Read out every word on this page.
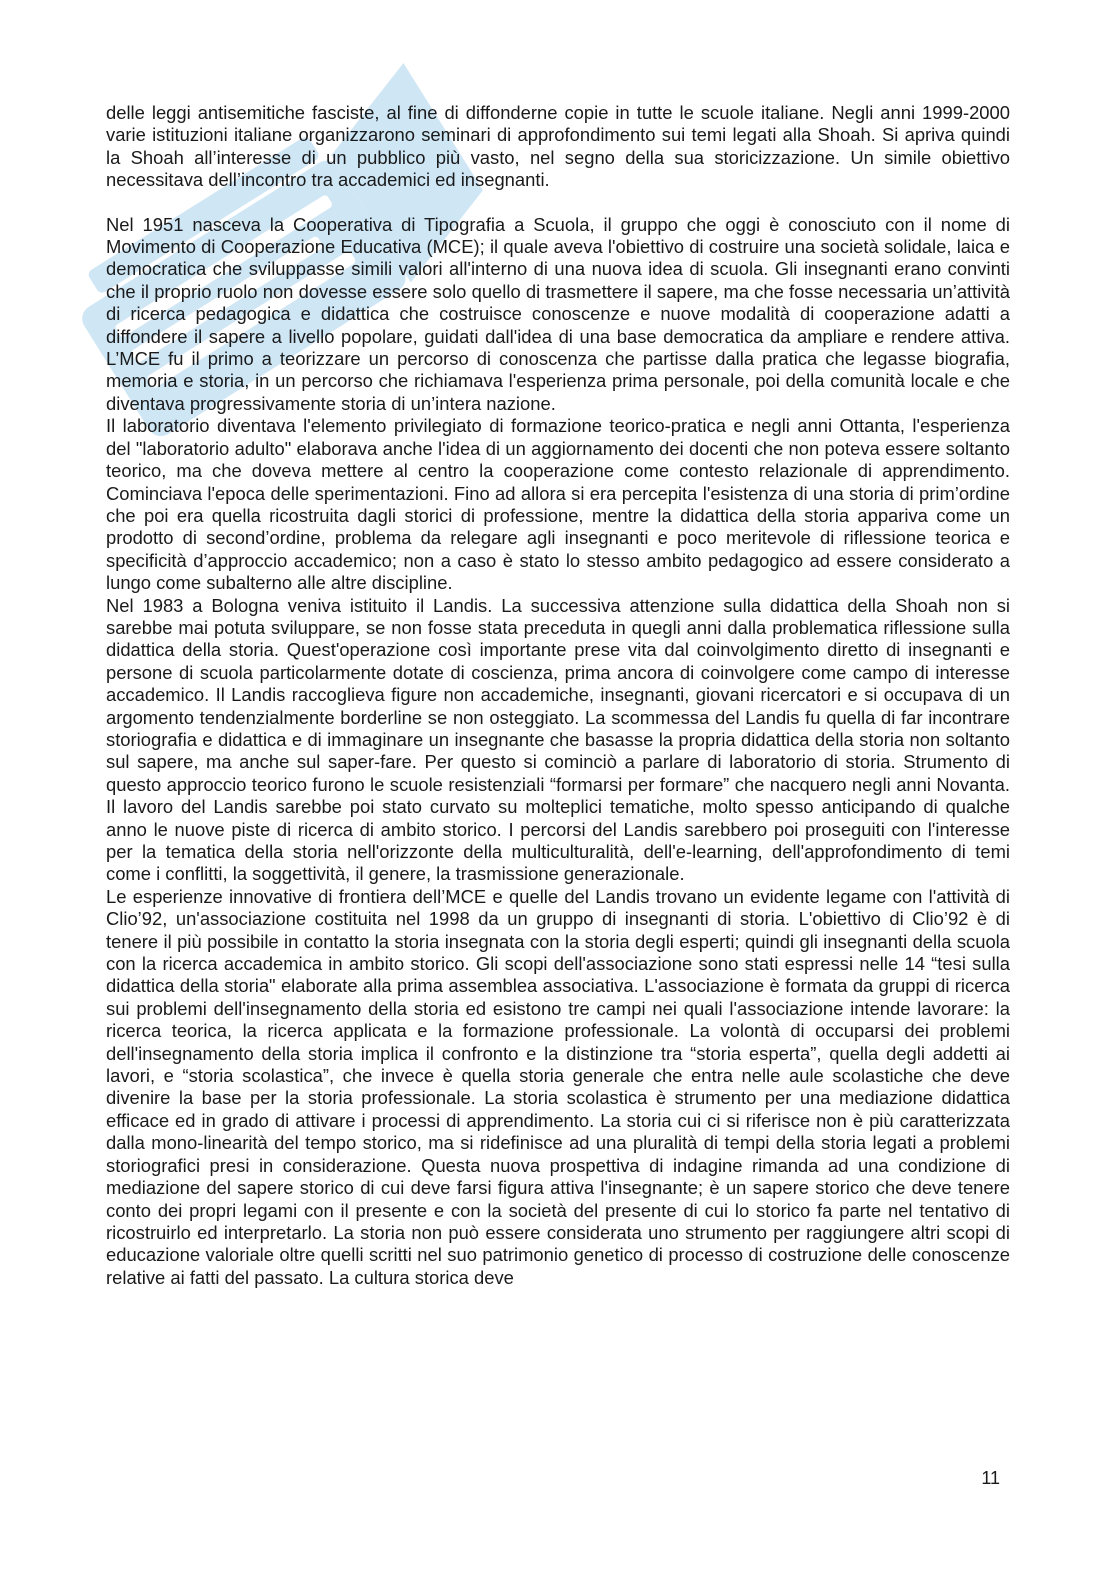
delle leggi antisemitiche fasciste, al fine di diffonderne copie in tutte le scuole italiane. Negli anni 1999-2000 varie istituzioni italiane organizzarono seminari di approfondimento sui temi legati alla Shoah. Si apriva quindi la Shoah all’interesse di un pubblico più vasto, nel segno della sua storicizzazione. Un simile obiettivo necessitava dell’incontro tra accademici ed insegnanti.

Nel 1951 nasceva la Cooperativa di Tipografia a Scuola, il gruppo che oggi è conosciuto con il nome di Movimento di Cooperazione Educativa (MCE); il quale aveva l'obiettivo di costruire una società solidale, laica e democratica che sviluppasse simili valori all'interno di una nuova idea di scuola. Gli insegnanti erano convinti che il proprio ruolo non dovesse essere solo quello di trasmettere il sapere, ma che fosse necessaria un’attività di ricerca pedagogica e didattica che costruisce conoscenze e nuove modalità di cooperazione adatti a diffondere il sapere a livello popolare, guidati dall'idea di una base democratica da ampliare e rendere attiva. L’MCE fu il primo a teorizzare un percorso di conoscenza che partisse dalla pratica che legasse biografia, memoria e storia, in un percorso che richiamava l'esperienza prima personale, poi della comunità locale e che diventava progressivamente storia di un’intera nazione.

Il laboratorio diventava l'elemento privilegiato di formazione teorico-pratica e negli anni Ottanta, l'esperienza del "laboratorio adulto" elaborava anche l'idea di un aggiornamento dei docenti che non poteva essere soltanto teorico, ma che doveva mettere al centro la cooperazione come contesto relazionale di apprendimento. Cominciava l'epoca delle sperimentazioni. Fino ad allora si era percepita l'esistenza di una storia di prim’ordine che poi era quella ricostruita dagli storici di professione, mentre la didattica della storia appariva come un prodotto di second’ordine, problema da relegare agli insegnanti e poco meritevole di riflessione teorica e specificità d’approccio accademico; non a caso è stato lo stesso ambito pedagogico ad essere considerato a lungo come subalterno alle altre discipline.

Nel 1983 a Bologna veniva istituito il Landis. La successiva attenzione sulla didattica della Shoah non si sarebbe mai potuta sviluppare, se non fosse stata preceduta in quegli anni dalla problematica riflessione sulla didattica della storia. Quest'operazione così importante prese vita dal coinvolgimento diretto di insegnanti e persone di scuola particolarmente dotate di coscienza, prima ancora di coinvolgere come campo di interesse accademico. Il Landis raccoglieva figure non accademiche, insegnanti, giovani ricercatori e si occupava di un argomento tendenzialmente borderline se non osteggiato. La scommessa del Landis fu quella di far incontrare storiografia e didattica e di immaginare un insegnante che basasse la propria didattica della storia non soltanto sul sapere, ma anche sul saper-fare. Per questo si cominciò a parlare di laboratorio di storia. Strumento di questo approccio teorico furono le scuole resistenziali “formarsi per formare” che nacquero negli anni Novanta. Il lavoro del Landis sarebbe poi stato curvato su molteplici tematiche, molto spesso anticipando di qualche anno le nuove piste di ricerca di ambito storico. I percorsi del Landis sarebbero poi proseguiti con l'interesse per la tematica della storia nell'orizzonte della multiculturalità, dell'e-learning, dell'approfondimento di temi come i conflitti, la soggettività, il genere, la trasmissione generazionale.

Le esperienze innovative di frontiera dell’MCE e quelle del Landis trovano un evidente legame con l'attività di Clio’92, un'associazione costituita nel 1998 da un gruppo di insegnanti di storia. L'obiettivo di Clio’92 è di tenere il più possibile in contatto la storia insegnata con la storia degli esperti; quindi gli insegnanti della scuola con la ricerca accademica in ambito storico. Gli scopi dell'associazione sono stati espressi nelle 14 “tesi sulla didattica della storia" elaborate alla prima assemblea associativa. L'associazione è formata da gruppi di ricerca sui problemi dell'insegnamento della storia ed esistono tre campi nei quali l'associazione intende lavorare: la ricerca teorica, la ricerca applicata e la formazione professionale. La volontà di occuparsi dei problemi dell'insegnamento della storia implica il confronto e la distinzione tra “storia esperta”, quella degli addetti ai lavori, e “storia scolastica”, che invece è quella storia generale che entra nelle aule scolastiche che deve divenire la base per la storia professionale. La storia scolastica è strumento per una mediazione didattica efficace ed in grado di attivare i processi di apprendimento. La storia cui ci si riferisce non è più caratterizzata dalla mono-linearità del tempo storico, ma si ridefinisce ad una pluralità di tempi della storia legati a problemi storiografici presi in considerazione. Questa nuova prospettiva di indagine rimanda ad una condizione di mediazione del sapere storico di cui deve farsi figura attiva l'insegnante; è un sapere storico che deve tenere conto dei propri legami con il presente e con la società del presente di cui lo storico fa parte nel tentativo di ricostruirlo ed interpretarlo. La storia non può essere considerata uno strumento per raggiungere altri scopi di educazione valoriale oltre quelli scritti nel suo patrimonio genetico di processo di costruzione delle conoscenze relative ai fatti del passato. La cultura storica deve

11
